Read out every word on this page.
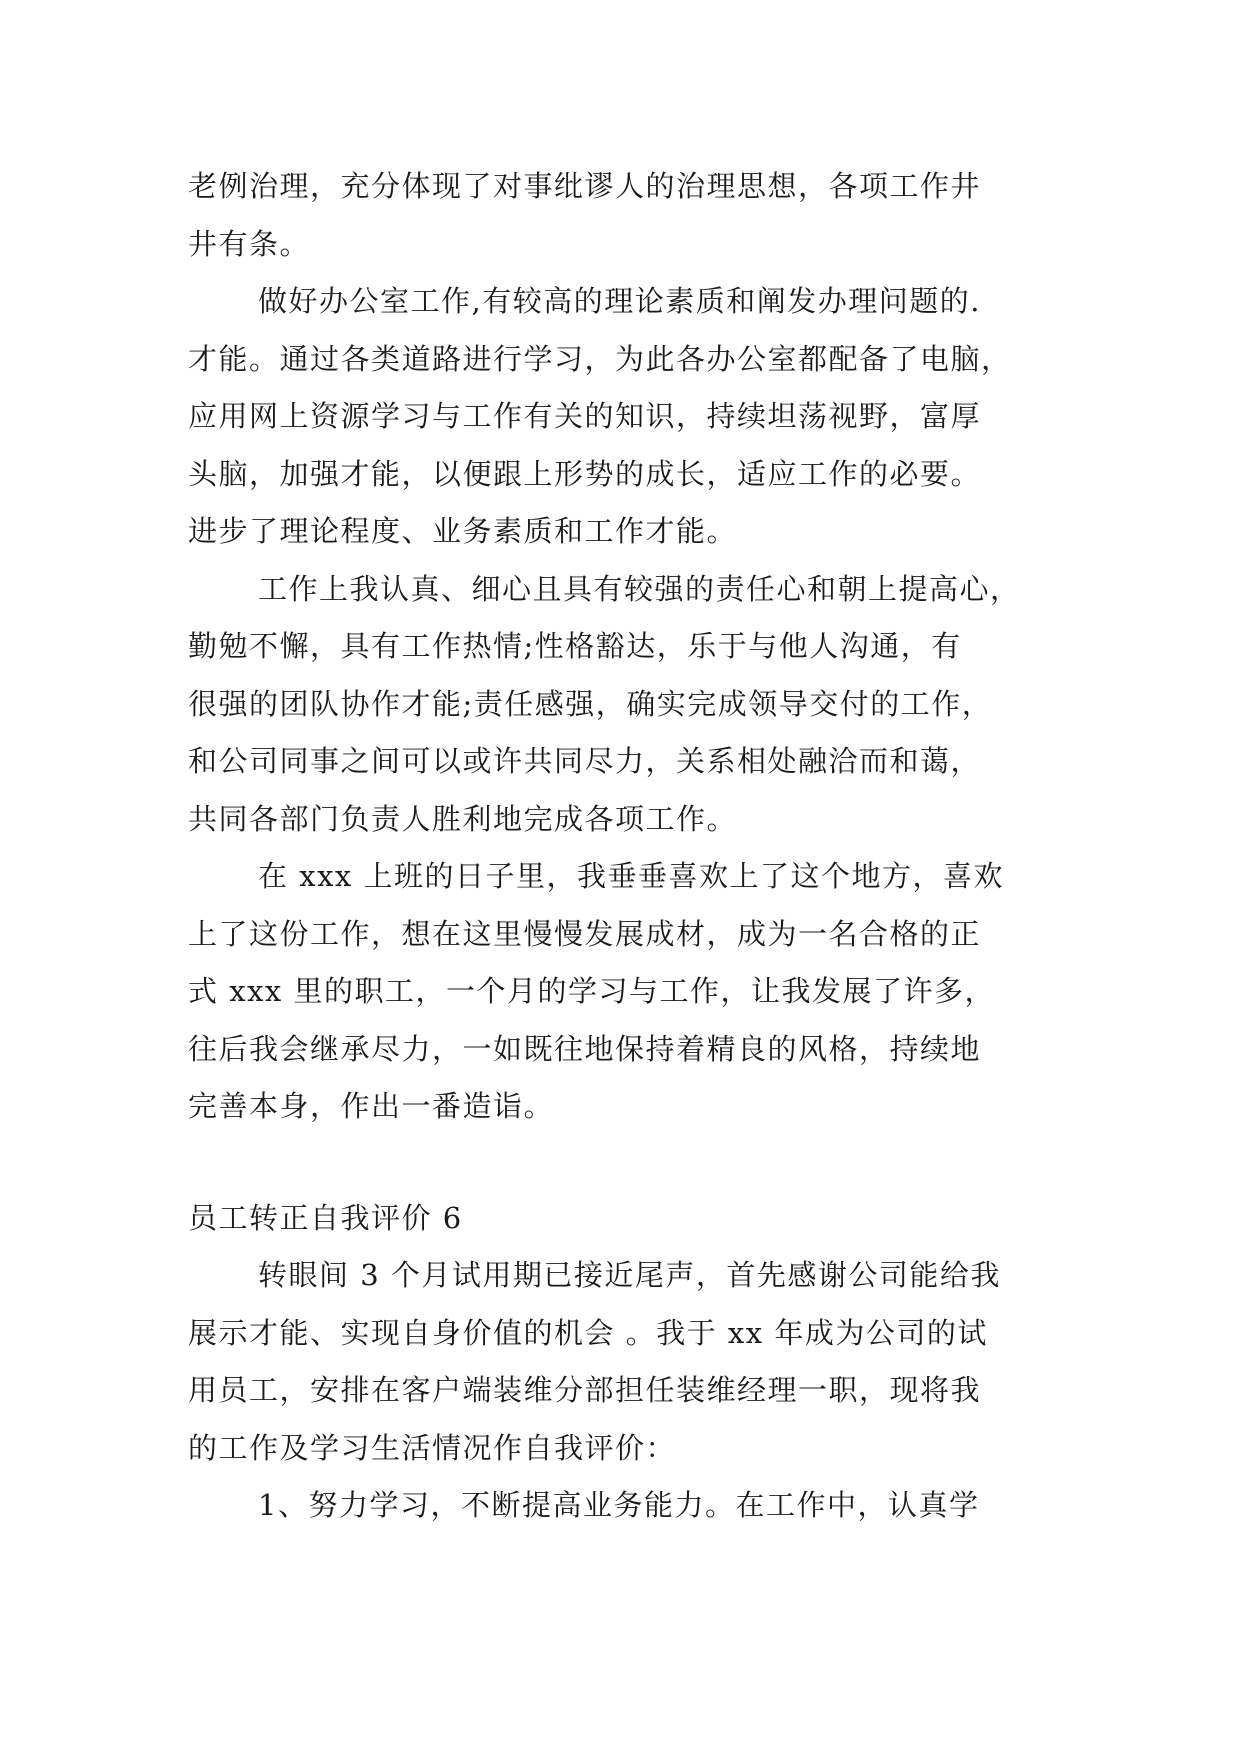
老例治理，充分体现了对事纰谬人的治理思想，各项工作井
井有条。
做好办公室工作,有较高的理论素质和阐发办理问题的.
才能。通过各类道路进行学习，为此各办公室都配备了电脑，
应用网上资源学习与工作有关的知识，持续坦荡视野，富厚
头脑，加强才能，以便跟上形势的成长，适应工作的必要。
进步了理论程度、业务素质和工作才能。
工作上我认真、细心且具有较强的责任心和朝上提高心，
勤勉不懈，具有工作热情;性格豁达，乐于与他人沟通，有
很强的团队协作才能;责任感强，确实完成领导交付的工作，
和公司同事之间可以或许共同尽力，关系相处融洽而和蔼，
共同各部门负责人胜利地完成各项工作。
在 xxx 上班的日子里，我垂垂喜欢上了这个地方，喜欢
上了这份工作，想在这里慢慢发展成材，成为一名合格的正
式 xxx 里的职工，一个月的学习与工作，让我发展了许多，
往后我会继承尽力，一如既往地保持着精良的风格，持续地
完善本身，作出一番造诣。
员工转正自我评价 6
转眼间 3 个月试用期已接近尾声，首先感谢公司能给我
展示才能、实现自身价值的机会 。我于 xx 年成为公司的试
用员工，安排在客户端装维分部担任装维经理一职，现将我
的工作及学习生活情况作自我评价：
1、努力学习，不断提高业务能力。在工作中，认真学
